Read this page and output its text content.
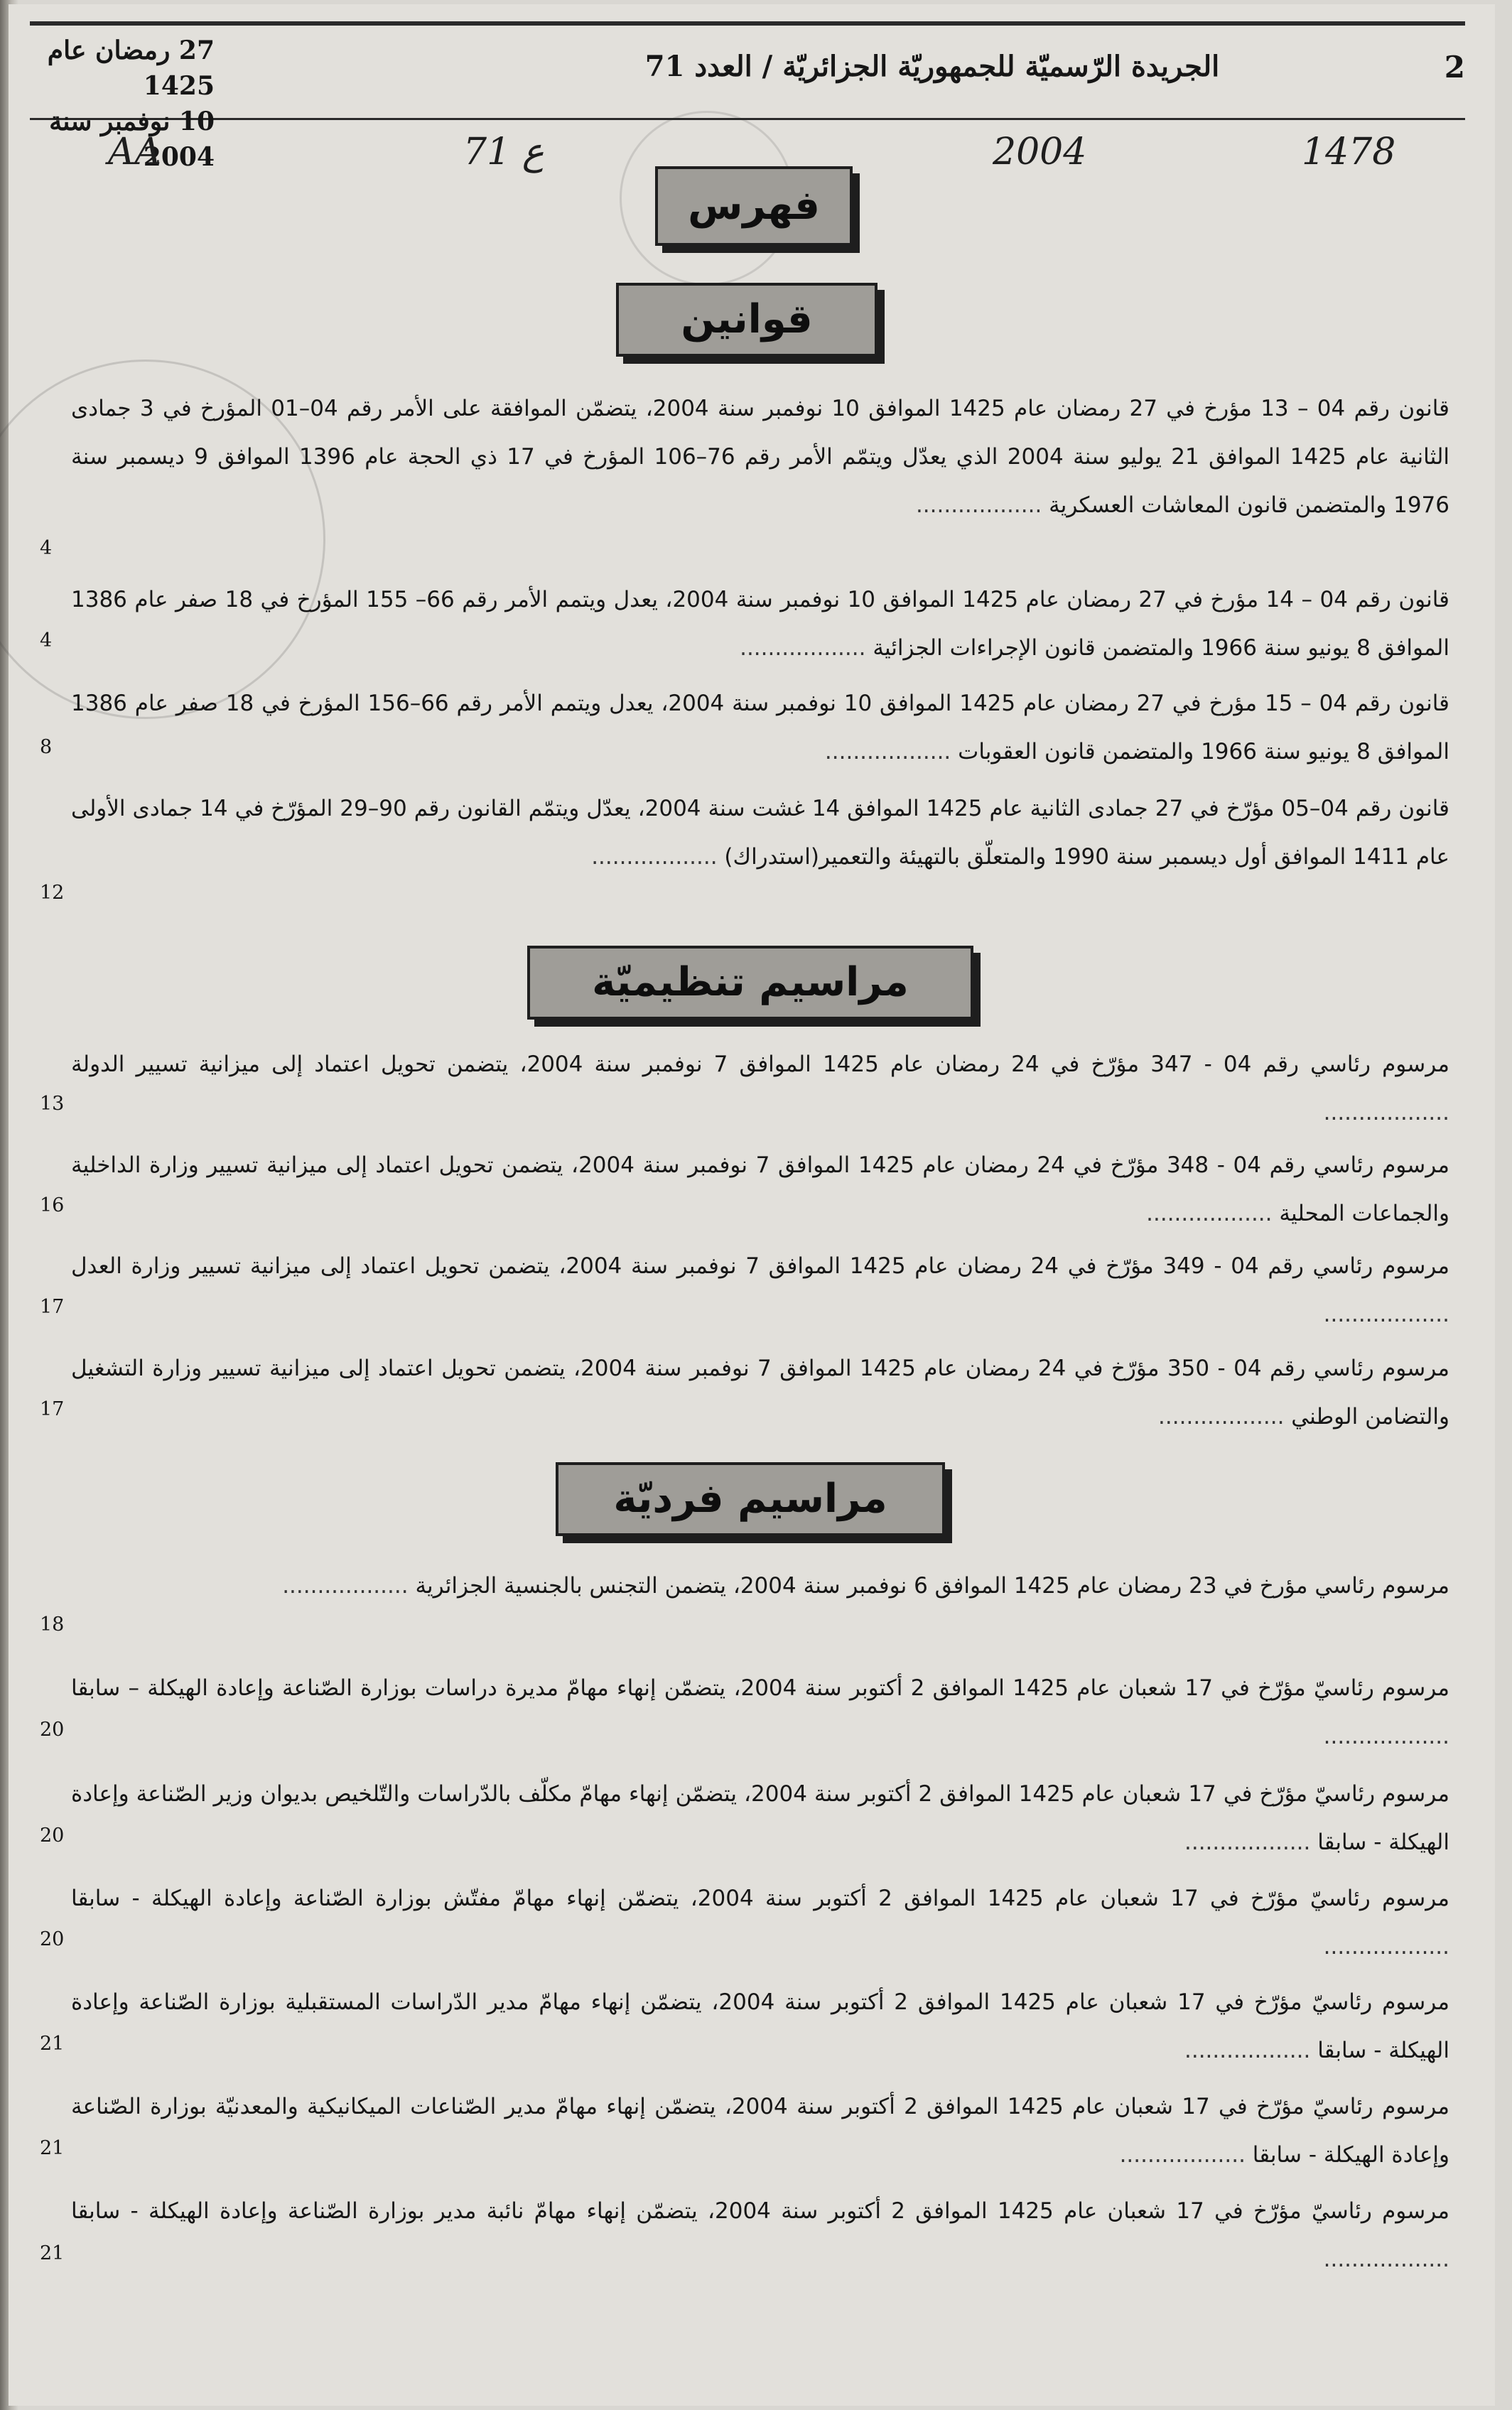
27 رمضان عام 1425
10 نوفمبر سنة 2004
الجريدة الرّسميّة للجمهوريّة الجزائريّة / العدد 71	2
AA	71 ع	2004	1478
فهرس
قوانين
قانون رقم 04 – 13 مؤرخ في 27 رمضان عام 1425 الموافق 10 نوفمبر سنة 2004، يتضمّن الموافقة على الأمر رقم 04–01 المؤرخ في 3 جمادى الثانية عام 1425 الموافق 21 يوليو سنة 2004 الذي يعدّل ويتمّم الأمر رقم 76–106 المؤرخ في 17 ذي الحجة عام 1396 الموافق 9 ديسمبر سنة 1976 والمتضمن قانون المعاشات العسكرية ..................
4
قانون رقم 04 – 14 مؤرخ في 27 رمضان عام 1425 الموافق 10 نوفمبر سنة 2004، يعدل ويتمم الأمر رقم 66– 155 المؤرخ في 18 صفر عام 1386 الموافق 8 يونيو سنة 1966 والمتضمن قانون الإجراءات الجزائية ..................
4
قانون رقم 04 – 15 مؤرخ في 27 رمضان عام 1425 الموافق 10 نوفمبر سنة 2004، يعدل ويتمم الأمر رقم 66–156 المؤرخ في 18 صفر عام 1386 الموافق 8 يونيو سنة 1966 والمتضمن قانون العقوبات ..................
8
قانون رقم 04–05 مؤرّخ في 27 جمادى الثانية عام 1425 الموافق 14 غشت سنة 2004، يعدّل ويتمّم القانون رقم 90–29 المؤرّخ في 14 جمادى الأولى عام 1411 الموافق أول ديسمبر سنة 1990 والمتعلّق بالتهيئة والتعمير(استدراك) ..................
12
مراسيم تنظيميّة
مرسوم رئاسي رقم 04 - 347 مؤرّخ في 24 رمضان عام 1425 الموافق 7 نوفمبر سنة 2004، يتضمن تحويل اعتماد إلى ميزانية تسيير الدولة ..................
13
مرسوم رئاسي رقم 04 - 348 مؤرّخ في 24 رمضان عام 1425 الموافق 7 نوفمبر سنة 2004، يتضمن تحويل اعتماد إلى ميزانية تسيير وزارة الداخلية والجماعات المحلية ..................
16
مرسوم رئاسي رقم 04 - 349 مؤرّخ في 24 رمضان عام 1425 الموافق 7 نوفمبر سنة 2004، يتضمن تحويل اعتماد إلى ميزانية تسيير وزارة العدل ..................
17
مرسوم رئاسي رقم 04 - 350 مؤرّخ في 24 رمضان عام 1425 الموافق 7 نوفمبر سنة 2004، يتضمن تحويل اعتماد إلى ميزانية تسيير وزارة التشغيل والتضامن الوطني ..................
17
مراسيم فرديّة
مرسوم رئاسي مؤرخ في 23 رمضان عام 1425 الموافق 6 نوفمبر سنة 2004، يتضمن التجنس بالجنسية الجزائرية ..................
18
مرسوم رئاسيّ مؤرّخ في 17 شعبان عام 1425 الموافق 2 أكتوبر سنة 2004، يتضمّن إنهاء مهامّ مديرة دراسات بوزارة الصّناعة وإعادة الهيكلة – سابقا ..................
20
مرسوم رئاسيّ مؤرّخ في 17 شعبان عام 1425 الموافق 2 أكتوبر سنة 2004، يتضمّن إنهاء مهامّ مكلّف بالدّراسات والتّلخيص بديوان وزير الصّناعة وإعادة الهيكلة - سابقا ..................
20
مرسوم رئاسيّ مؤرّخ في 17 شعبان عام 1425 الموافق 2 أكتوبر سنة 2004، يتضمّن إنهاء مهامّ مفتّش بوزارة الصّناعة وإعادة الهيكلة - سابقا ..................
20
مرسوم رئاسيّ مؤرّخ في 17 شعبان عام 1425 الموافق 2 أكتوبر سنة 2004، يتضمّن إنهاء مهامّ مدير الدّراسات المستقبلية بوزارة الصّناعة وإعادة الهيكلة - سابقا ..................
21
مرسوم رئاسيّ مؤرّخ في 17 شعبان عام 1425 الموافق 2 أكتوبر سنة 2004، يتضمّن إنهاء مهامّ مدير الصّناعات الميكانيكية والمعدنيّة بوزارة الصّناعة وإعادة الهيكلة - سابقا ..................
21
مرسوم رئاسيّ مؤرّخ في 17 شعبان عام 1425 الموافق 2 أكتوبر سنة 2004، يتضمّن إنهاء مهامّ نائبة مدير بوزارة الصّناعة وإعادة الهيكلة - سابقا ..................
21
